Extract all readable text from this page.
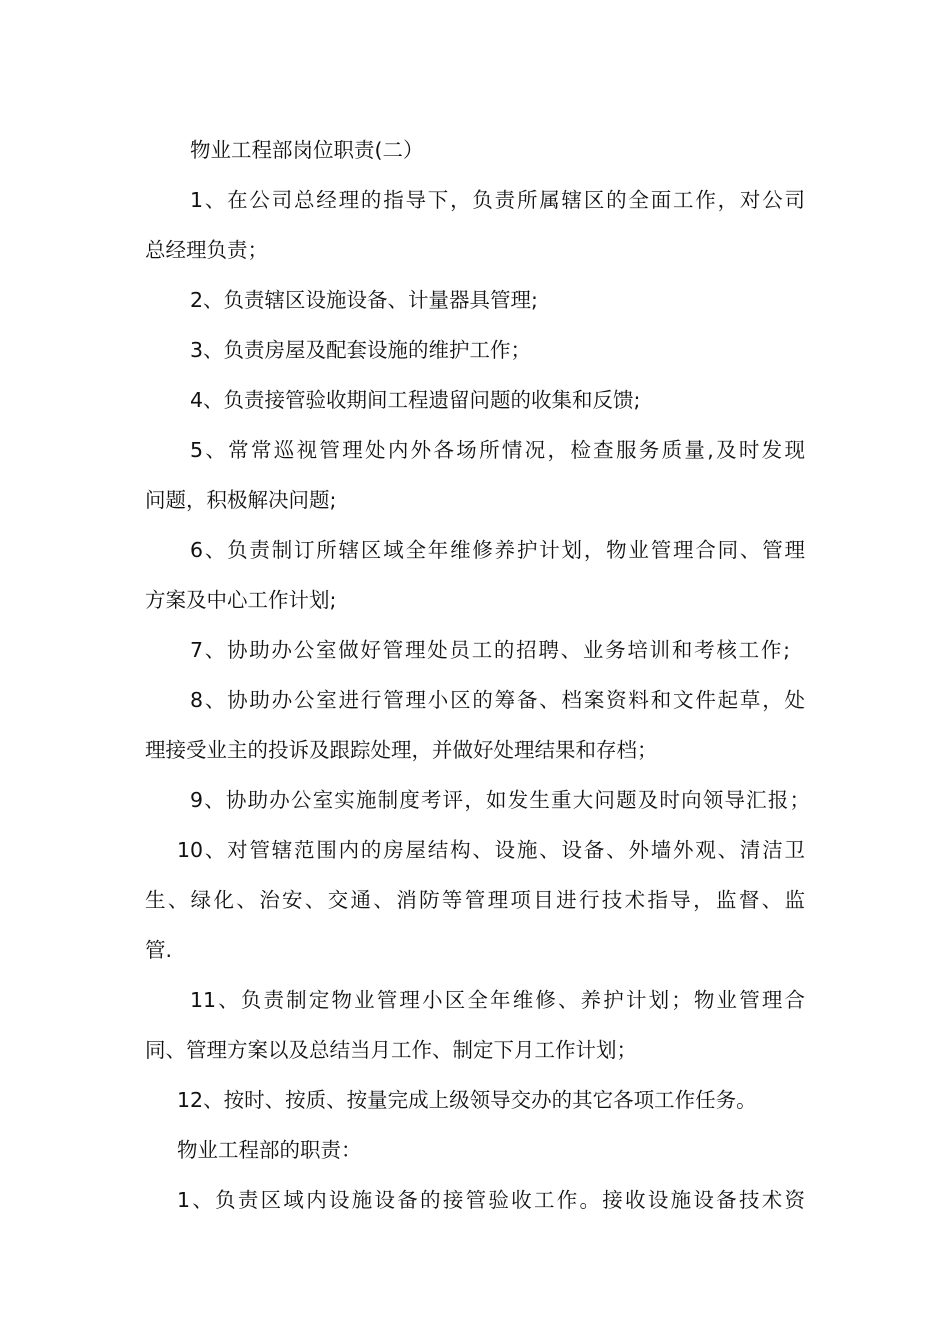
物业工程部岗位职责(二）
1、在公司总经理的指导下，负责所属辖区的全面工作，对公司
总经理负责；
2、负责辖区设施设备、计量器具管理;
3、负责房屋及配套设施的维护工作；
4、负责接管验收期间工程遗留问题的收集和反馈;
5、常常巡视管理处内外各场所情况，检查服务质量,及时发现
问题，积极解决问题;
6、负责制订所辖区域全年维修养护计划，物业管理合同、管理
方案及中心工作计划;
7、协助办公室做好管理处员工的招聘、业务培训和考核工作;
8、协助办公室进行管理小区的筹备、档案资料和文件起草，处
理接受业主的投诉及跟踪处理，并做好处理结果和存档；
9、协助办公室实施制度考评，如发生重大问题及时向领导汇报；
10、对管辖范围内的房屋结构、设施、设备、外墙外观、清洁卫
生、绿化、治安、交通、消防等管理项目进行技术指导，监督、监
管.
11、负责制定物业管理小区全年维修、养护计划；物业管理合
同、管理方案以及总结当月工作、制定下月工作计划；
12、按时、按质、按量完成上级领导交办的其它各项工作任务。
物业工程部的职责：
1、负责区域内设施设备的接管验收工作。接收设施设备技术资
